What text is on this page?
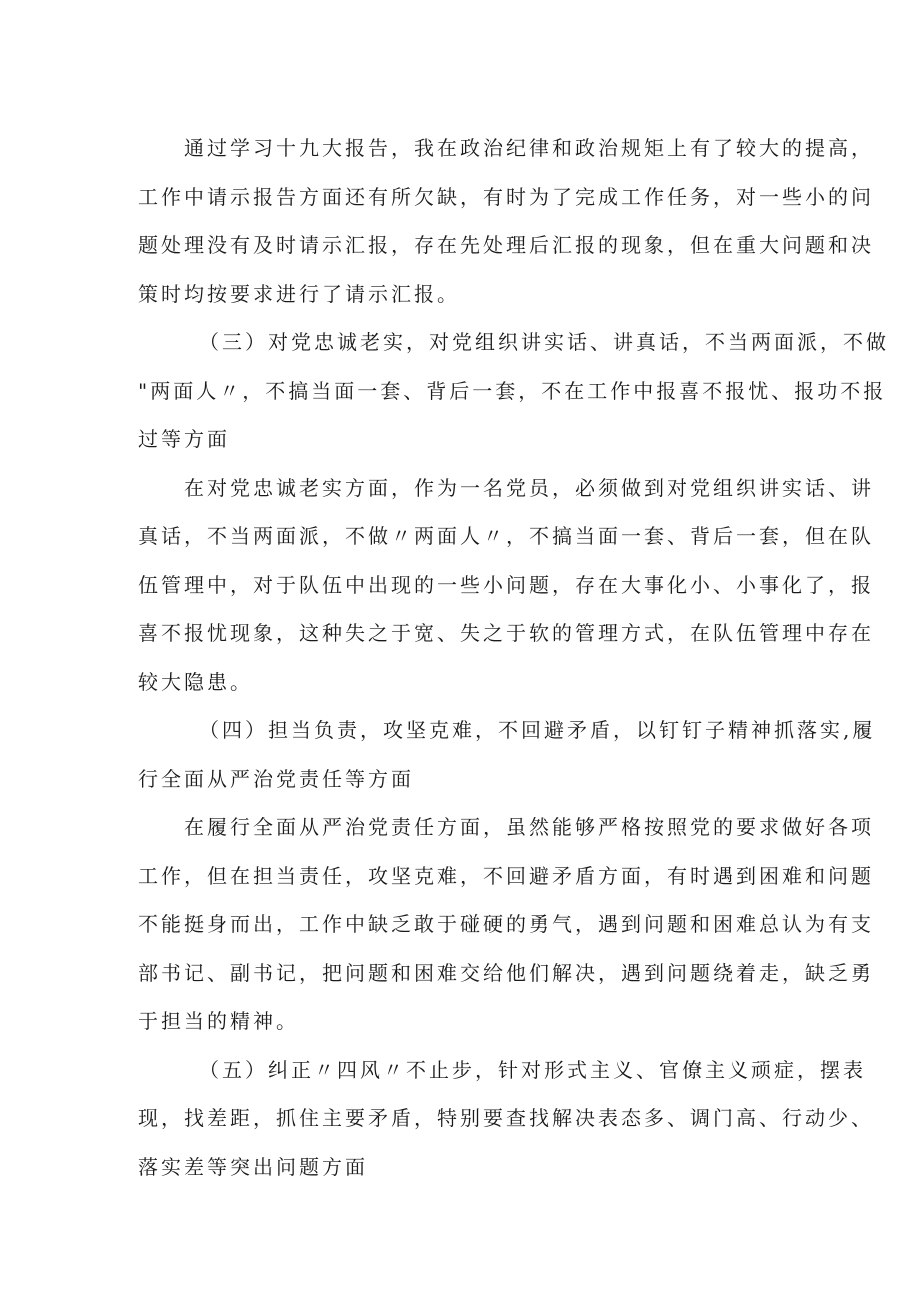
通过学习十九大报告，我在政治纪律和政治规矩上有了较大的提高，
工作中请示报告方面还有所欠缺，有时为了完成工作任务，对一些小的问
题处理没有及时请示汇报，存在先处理后汇报的现象，但在重大问题和决
策时均按要求进行了请示汇报。
（三）对党忠诚老实，对党组织讲实话、讲真话，不当两面派，不做
"两面人〃，不搞当面一套、背后一套，不在工作中报喜不报忧、报功不报
过等方面
在对党忠诚老实方面，作为一名党员，必须做到对党组织讲实话、讲
真话，不当两面派，不做〃两面人〃，不搞当面一套、背后一套，但在队
伍管理中，对于队伍中出现的一些小问题，存在大事化小、小事化了，报
喜不报忧现象，这种失之于宽、失之于软的管理方式，在队伍管理中存在
较大隐患。
（四）担当负责，攻坚克难，不回避矛盾，以钉钉子精神抓落实,履
行全面从严治党责任等方面
在履行全面从严治党责任方面，虽然能够严格按照党的要求做好各项
工作，但在担当责任，攻坚克难，不回避矛盾方面，有时遇到困难和问题
不能挺身而出，工作中缺乏敢于碰硬的勇气，遇到问题和困难总认为有支
部书记、副书记，把问题和困难交给他们解决，遇到问题绕着走，缺乏勇
于担当的精神。
（五）纠正〃四风〃不止步，针对形式主义、官僚主义顽症，摆表
现，找差距，抓住主要矛盾，特别要查找解决表态多、调门高、行动少、
落实差等突出问题方面
